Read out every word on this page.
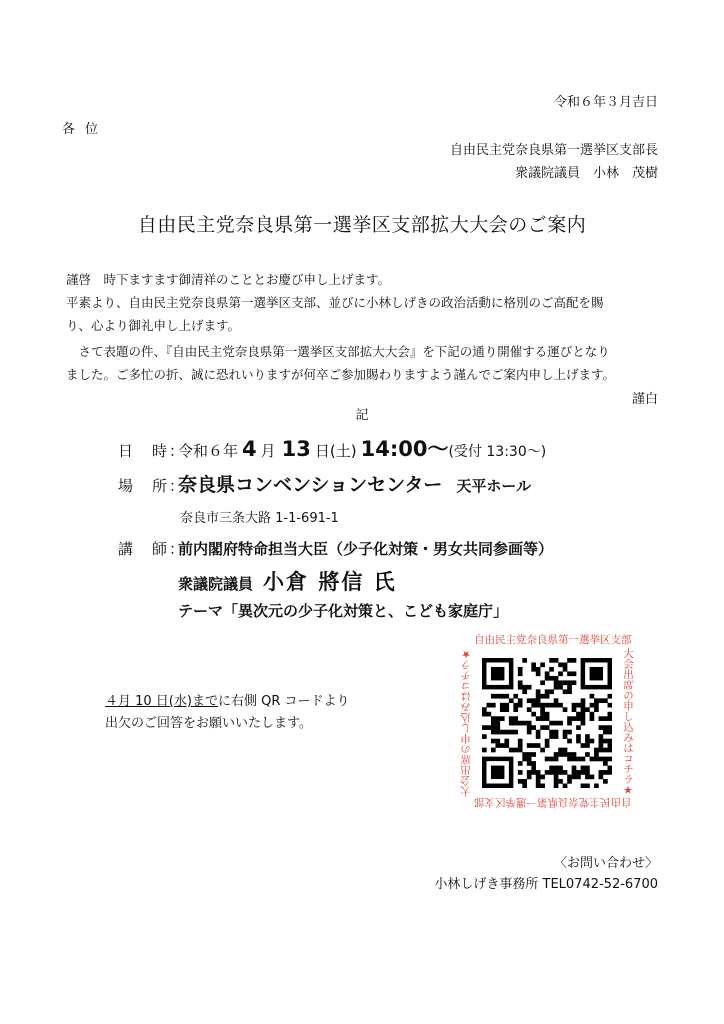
令和６年３月吉日
各位
自由民主党奈良県第一選挙区支部長
衆議院議員　小林　茂樹
自由民主党奈良県第一選挙区支部拡大大会のご案内
謹啓　時下ますます御清祥のこととお慶び申し上げます。
平素より、自由民主党奈良県第一選挙区支部、並びに小林しげきの政治活動に格別のご高配を賜
り、心より御礼申し上げます。
　さて表題の件、『自由民主党奈良県第一選挙区支部拡大大会』を下記の通り開催する運びとなり
ました。ご多忙の折、誠に恐れいりますが何卒ご参加賜わりますよう謹んでご案内申し上げます。
謹白
記
日　時：
令和６年 4 月 13 日(土) 14:00～ (受付 13:30～)
場　所：
奈良県コンベンションセンター 天平ホール
奈良市三条大路 1-1-691-1
講　師：
前内閣府特命担当大臣（少子化対策・男女共同参画等）
衆議院議員 小倉 將信 氏
テーマ「異次元の少子化対策と、こども家庭庁」
４月 10 日(水)までに右側 QR コードより
出欠のご回答をお願いいたします。
自由民主党奈良県第一選挙区支部
大会出席の申し込みはコチラ★
自由民主党奈良県第一選挙区支部
大会出席の申し込みはコチラ★
〈お問い合わせ〉
小林しげき事務所 TEL0742-52-6700
